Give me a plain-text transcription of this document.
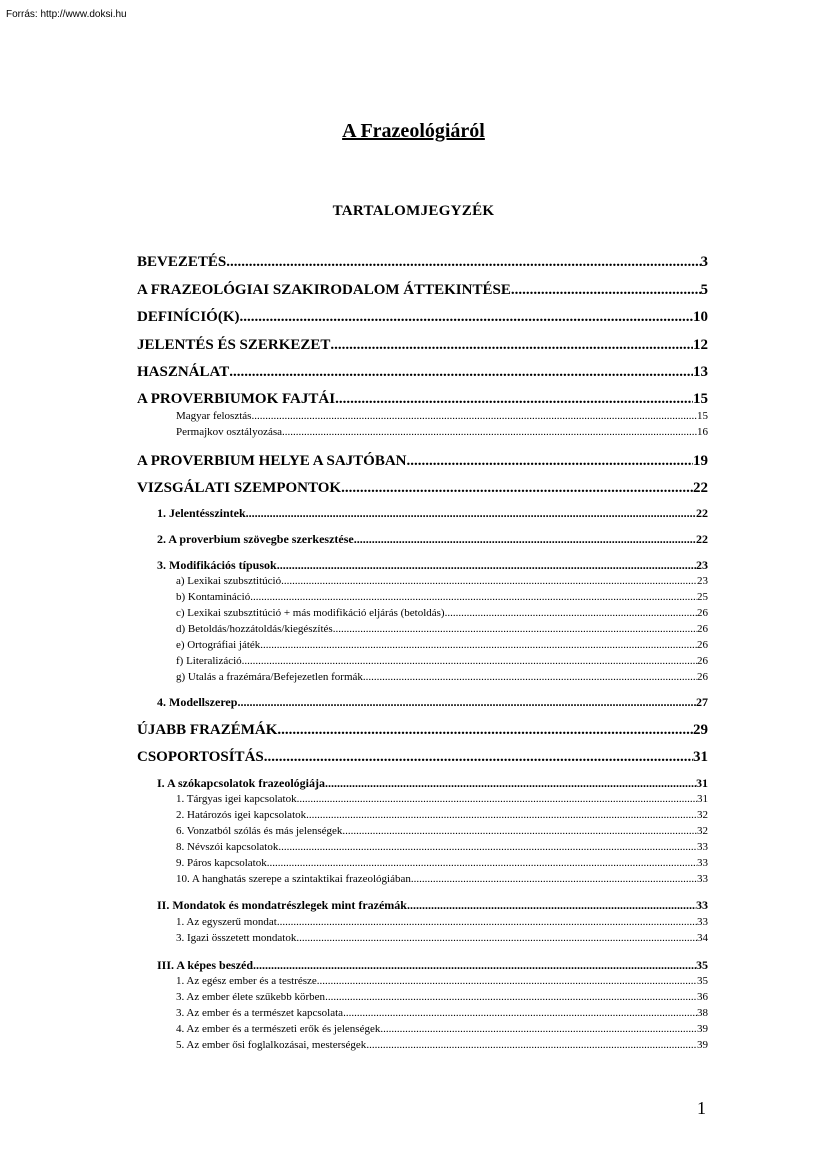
Forrás: http://www.doksi.hu
A Frazeológiáról
TARTALOMJEGYZÉK
BEVEZETÉS .....	3
A FRAZEOLÓGIAI SZAKIRODALOM ÁTTEKINTÉSE .....	5
DEFINÍCIÓ(K) .....	10
JELENTÉS ÉS SZERKEZET .....	12
HASZNÁLAT .....	13
A PROVERBIUMOK FAJTÁI .....	15
Magyar felosztás .....	15
Permajkov osztályozása .....	16
A PROVERBIUM HELYE A SAJTÓBAN .....	19
VIZSGÁLATI SZEMPONTOK .....	22
1. Jelentésszintek .....	22
2. A proverbium szövegbe szerkesztése .....	22
3. Modifikációs típusok .....	23
a) Lexikai szubsztitúció .....	23
b) Kontamináció .....	25
c) Lexikai szubsztitúció + más modifikáció eljárás (betoldás) .....	26
d) Betoldás/hozzátoldás/kiegészítés .....	26
e) Ortográfiai játék .....	26
f) Literalizáció .....	26
g) Utalás a frazémára/Befejezetlen formák .....	26
4. Modellszerep .....	27
ÚJABB FRAZÉMÁK .....	29
CSOPORTOSÍTÁS .....	31
I. A szókapcsolatok frazeológiája .....	31
1. Tárgyas igei kapcsolatok .....	31
2. Határozós igei kapcsolatok .....	32
6. Vonzatból szólás és más jelenségek .....	32
8. Névszói kapcsolatok .....	33
9. Páros kapcsolatok .....	33
10. A hanghatás szerepe a szintaktikai frazeológiában .....	33
II. Mondatok és mondatrészlegek mint frazémák .....	33
1. Az egyszerű mondat .....	33
3. Igazi összetett mondatok .....	34
III. A képes beszéd .....	35
1. Az egész ember és a testrésze .....	35
3. Az ember élete szűkebb körben .....	36
3. Az ember és a természet kapcsolata .....	38
4. Az ember és a természeti erők és jelenségek .....	39
5. Az ember ősi foglalkozásai, mesterségek .....	39
1
